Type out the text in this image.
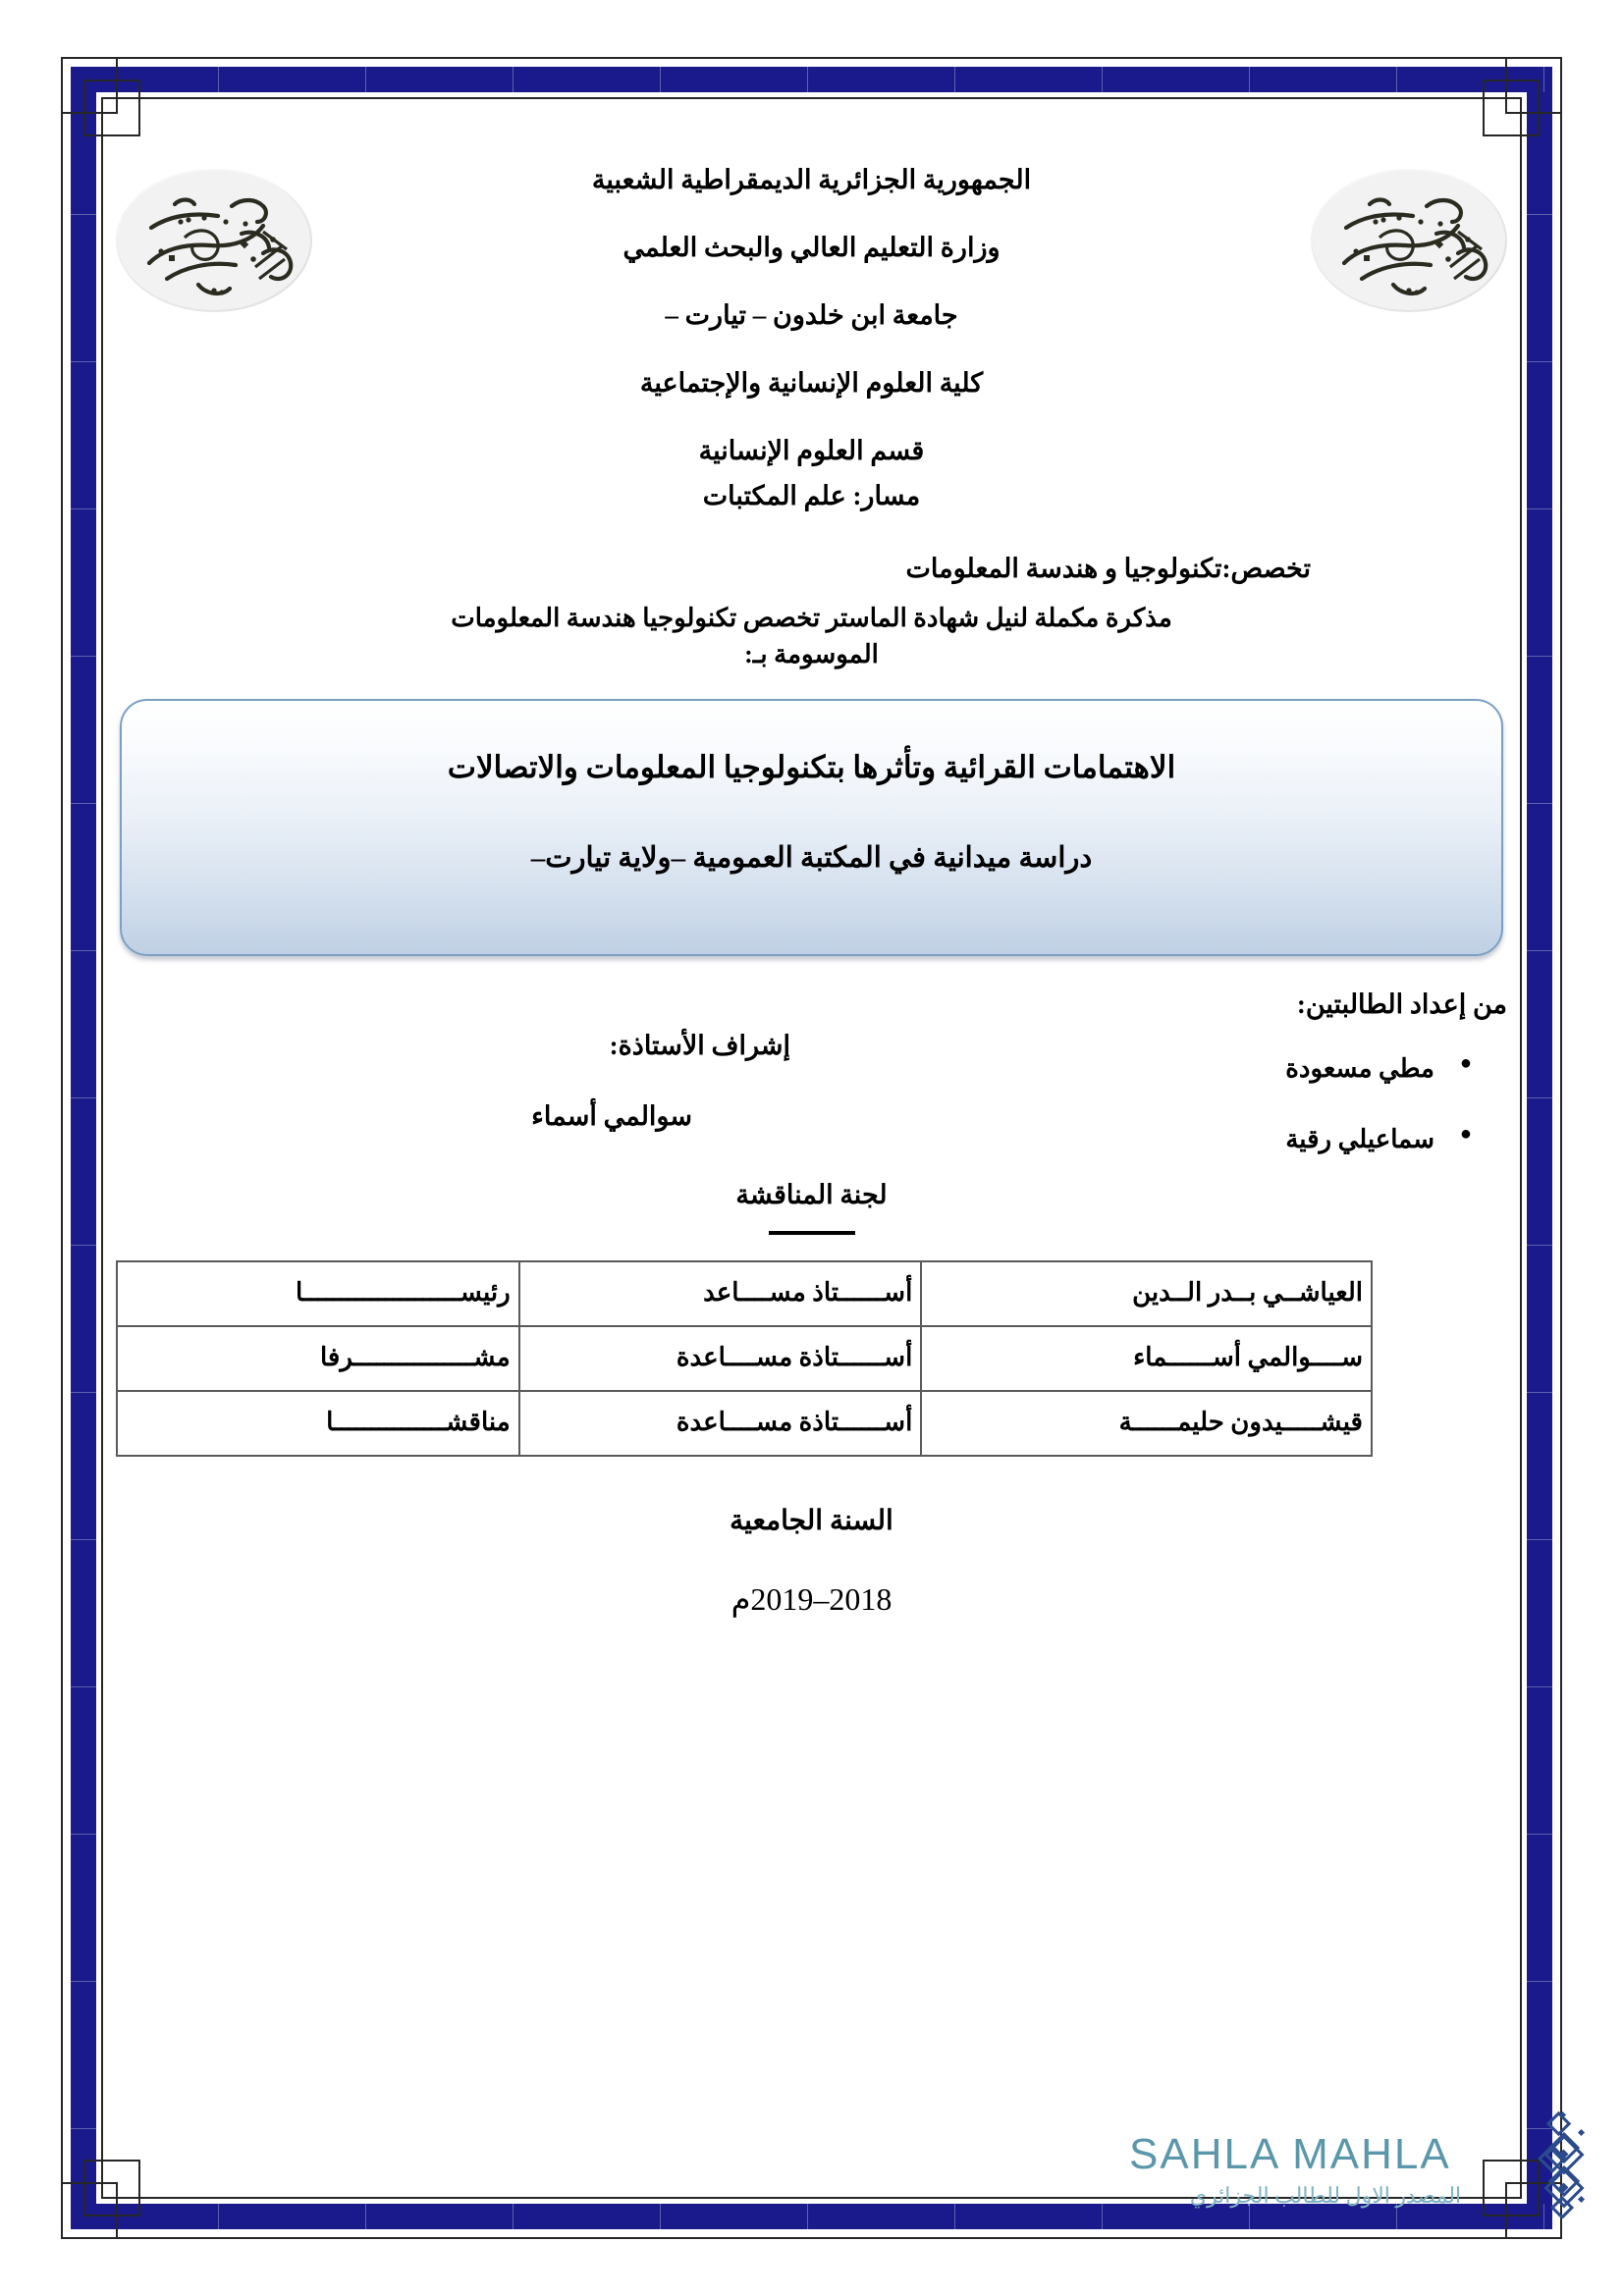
الجمهورية الجزائرية الديمقراطية الشعبية
وزارة التعليم العالي والبحث العلمي
جامعة ابن خلدون – تيارت –
كلية العلوم الإنسانية والإجتماعية
قسم العلوم الإنسانية
مسار: علم المكتبات
تخصص:تكنولوجيا و هندسة المعلومات
مذكرة مكملة لنيل شهادة الماستر تخصص تكنولوجيا هندسة المعلومات
الموسومة بـ:
الاهتمامات القرائية وتأثرها بتكنولوجيا المعلومات والاتصالات
دراسة ميدانية في المكتبة العمومية –ولاية تيارت–
من إعداد الطالبتين:
● مطي مسعودة
● سماعيلي رقية
إشراف الأستاذة:
سوالمي أسماء
لجنة المناقشة
العياشــي بــدر الــدين	أســــــتاذ مســــاعد	رئيســـــــــــــــــــــا
ســــوالمي أســــــماء	أســــــتاذة مســــاعدة	مشــــــــــــــــرفا
قيشـــــيدون حليمــــــة	أســــــتاذة مســــاعدة	مناقشـــــــــــــــا
السنة الجامعية
2018–2019م
SAHLA MAHLA
المصدر الاول للطالب الجزائري
